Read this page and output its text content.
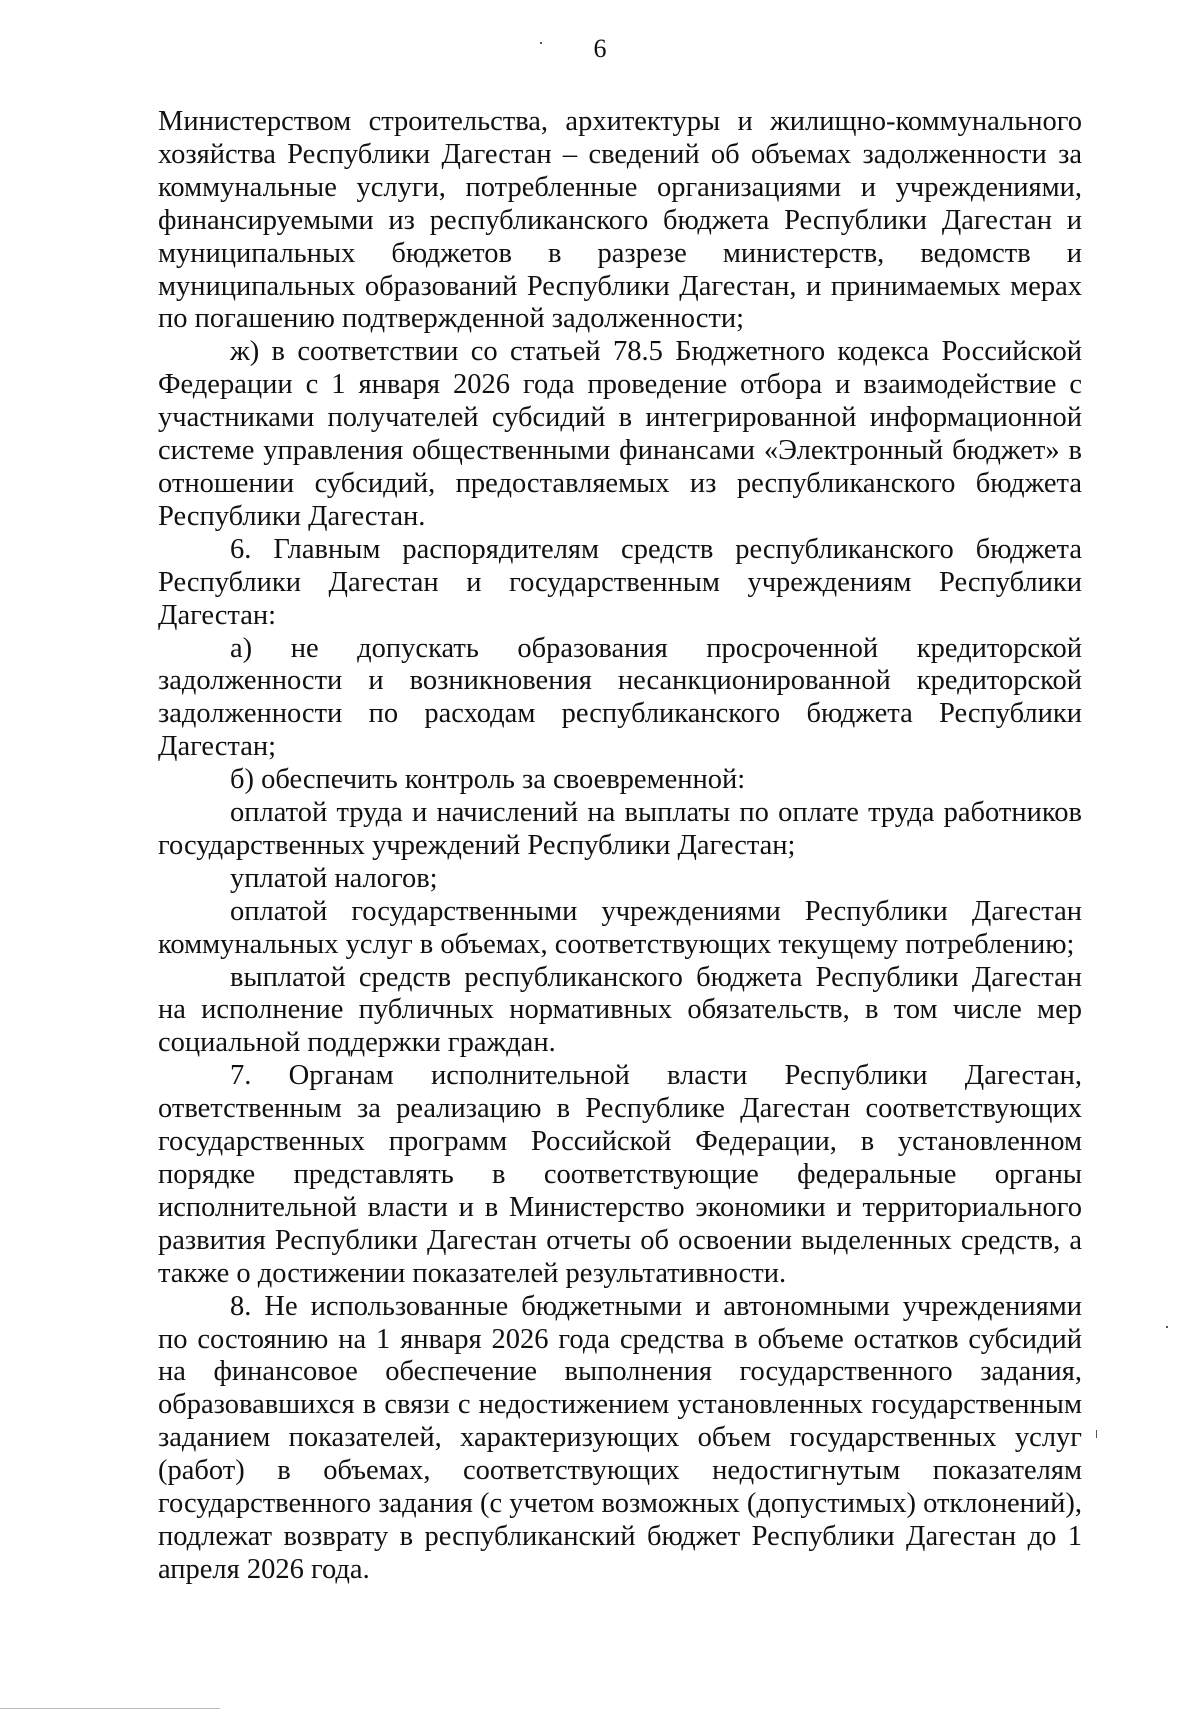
6

Министерством строительства, архитектуры и жилищно-коммунального хозяйства Республики Дагестан – сведений об объемах задолженности за коммунальные услуги, потребленные организациями и учреждениями, финансируемыми из республиканского бюджета Республики Дагестан и муниципальных бюджетов в разрезе министерств, ведомств и муниципальных образований Республики Дагестан, и принимаемых мерах по погашению подтвержденной задолженности;

ж) в соответствии со статьей 78.5 Бюджетного кодекса Российской Федерации с 1 января 2026 года проведение отбора и взаимодействие с участниками получателей субсидий в интегрированной информационной системе управления общественными финансами «Электронный бюджет» в отношении субсидий, предоставляемых из республиканского бюджета Республики Дагестан.

6. Главным распорядителям средств республиканского бюджета Республики Дагестан и государственным учреждениям Республики Дагестан:

а) не допускать образования просроченной кредиторской задолженности и возникновения несанкционированной кредиторской задолженности по расходам республиканского бюджета Республики Дагестан;

б) обеспечить контроль за своевременной:

оплатой труда и начислений на выплаты по оплате труда работников государственных учреждений Республики Дагестан;

уплатой налогов;

оплатой государственными учреждениями Республики Дагестан коммунальных услуг в объемах, соответствующих текущему потреблению;

выплатой средств республиканского бюджета Республики Дагестан на исполнение публичных нормативных обязательств, в том числе мер социальной поддержки граждан.

7. Органам исполнительной власти Республики Дагестан, ответственным за реализацию в Республике Дагестан соответствующих государственных программ Российской Федерации, в установленном порядке представлять в соответствующие федеральные органы исполнительной власти и в Министерство экономики и территориального развития Республики Дагестан отчеты об освоении выделенных средств, а также о достижении показателей результативности.

8. Не использованные бюджетными и автономными учреждениями по состоянию на 1 января 2026 года средства в объеме остатков субсидий на финансовое обеспечение выполнения государственного задания, образовавшихся в связи с недостижением установленных государственным заданием показателей, характеризующих объем государственных услуг (работ) в объемах, соответствующих недостигнутым показателям государственного задания (с учетом возможных (допустимых) отклонений), подлежат возврату в республиканский бюджет Республики Дагестан до 1 апреля 2026 года.
